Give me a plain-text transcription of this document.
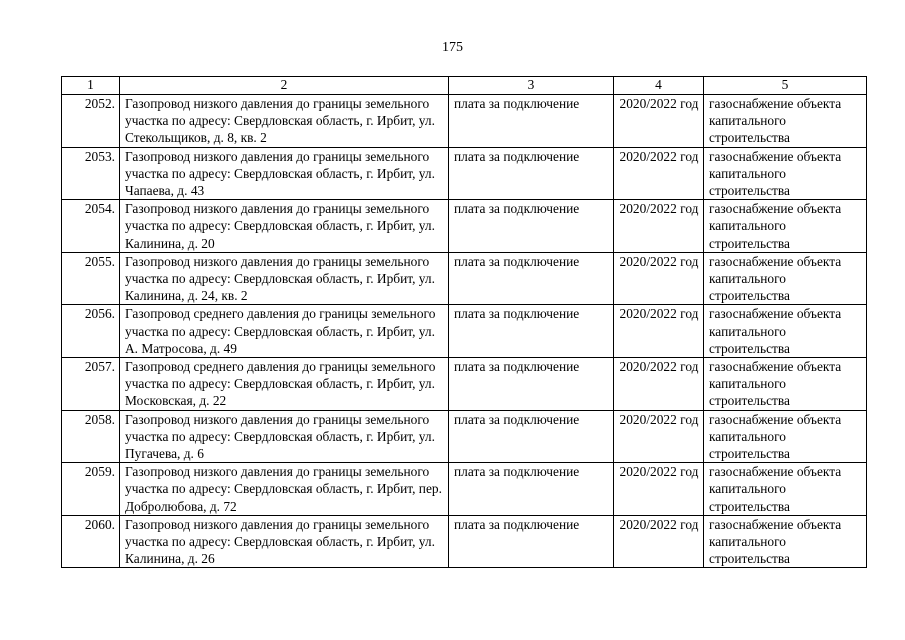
175
1	2	3	4	5
2052.	Газопровод низкого давления до границы земельного участка по адресу: Свердловская область, г. Ирбит, ул. Стекольщиков, д. 8, кв. 2	плата за подключение	2020/2022 год	газоснабжение объекта капитального строительства
2053.	Газопровод низкого давления до границы земельного участка по адресу: Свердловская область, г. Ирбит, ул. Чапаева, д. 43	плата за подключение	2020/2022 год	газоснабжение объекта капитального строительства
2054.	Газопровод низкого давления до границы земельного участка по адресу: Свердловская область, г. Ирбит, ул. Калинина, д. 20	плата за подключение	2020/2022 год	газоснабжение объекта капитального строительства
2055.	Газопровод низкого давления до границы земельного участка по адресу: Свердловская область, г. Ирбит, ул. Калинина, д. 24, кв. 2	плата за подключение	2020/2022 год	газоснабжение объекта капитального строительства
2056.	Газопровод среднего давления до границы земельного участка по адресу: Свердловская область, г. Ирбит, ул. А. Матросова, д. 49	плата за подключение	2020/2022 год	газоснабжение объекта капитального строительства
2057.	Газопровод среднего давления до границы земельного участка по адресу: Свердловская область, г. Ирбит, ул. Московская, д. 22	плата за подключение	2020/2022 год	газоснабжение объекта капитального строительства
2058.	Газопровод низкого давления до границы земельного участка по адресу: Свердловская область, г. Ирбит, ул. Пугачева, д. 6	плата за подключение	2020/2022 год	газоснабжение объекта капитального строительства
2059.	Газопровод низкого давления до границы земельного участка по адресу: Свердловская область, г. Ирбит, пер. Добролюбова, д. 72	плата за подключение	2020/2022 год	газоснабжение объекта капитального строительства
2060.	Газопровод низкого давления до границы земельного участка по адресу: Свердловская область, г. Ирбит, ул. Калинина, д. 26	плата за подключение	2020/2022 год	газоснабжение объекта капитального строительства
